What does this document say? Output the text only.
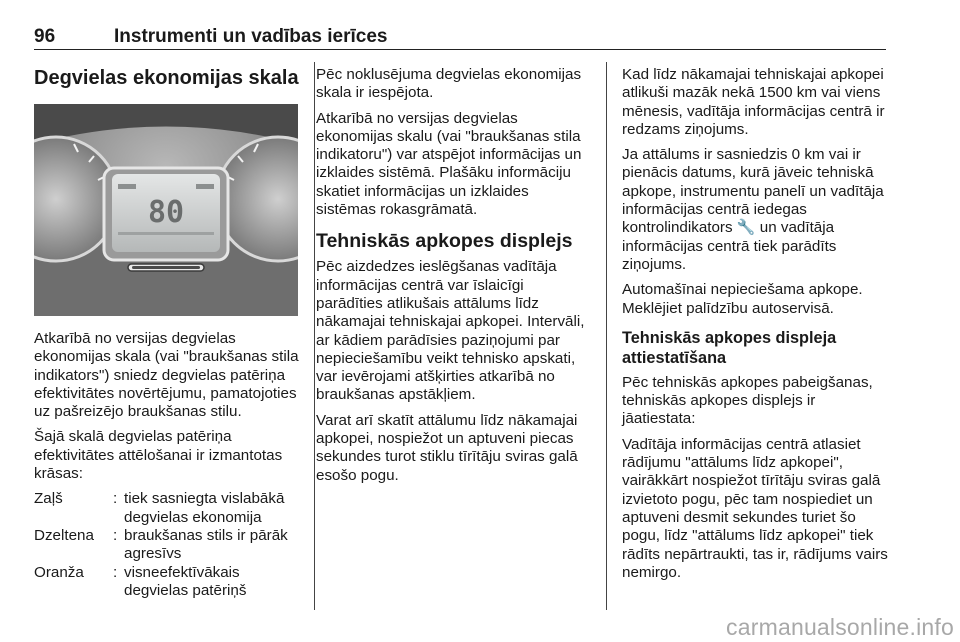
96	Instrumenti un vadības ierīces
Degvielas ekonomijas skala
80

Atkarībā no versijas degvielas ekonomijas skala (vai "braukšanas stila indikators") sniedz degvielas patēriņa efektivitātes novērtējumu, pamatojoties uz pašreizējo braukšanas stilu.

Šajā skalā degvielas patēriņa efektivitātes attēlošanai ir izmantotas krāsas:

Zaļš	: tiek sasniegta vislabākā degvielas ekonomija
Dzeltena	: braukšanas stils ir pārāk agresīvs
Oranža	: visneefektīvākais degvielas patēriņš

Pēc noklusējuma degvielas ekonomijas skala ir iespējota.

Atkarībā no versijas degvielas ekonomijas skalu (vai "braukšanas stila indikatoru") var atspējot informācijas un izklaides sistēmā. Plašāku informāciju skatiet informācijas un izklaides sistēmas rokasgrāmatā.

Tehniskās apkopes displejs

Pēc aizdedzes ieslēgšanas vadītāja informācijas centrā var īslaicīgi parādīties atlikušais attālums līdz nākamajai tehniskajai apkopei. Intervāli, ar kādiem parādīsies paziņojumi par nepieciešamību veikt tehnisko apskati, var ievērojami atšķirties atkarībā no braukšanas apstākļiem.

Varat arī skatīt attālumu līdz nākamajai apkopei, nospiežot un aptuveni piecas sekundes turot stiklu tīrītāju sviras galā esošo pogu.

Kad līdz nākamajai tehniskajai apkopei atlikuši mazāk nekā 1500 km vai viens mēnesis, vadītāja informācijas centrā ir redzams ziņojums.

Ja attālums ir sasniedzis 0 km vai ir pienācis datums, kurā jāveic tehniskā apkope, instrumentu panelī un vadītāja informācijas centrā iedegas kontrolindikators 🔧 un vadītāja informācijas centrā tiek parādīts ziņojums.

Automašīnai nepieciešama apkope. Meklējiet palīdzību autoservisā.

Tehniskās apkopes displeja attiestatīšana

Pēc tehniskās apkopes pabeigšanas, tehniskās apkopes displejs ir jāatiestata:

Vadītāja informācijas centrā atlasiet rādījumu "attālums līdz apkopei", vairākkārt nospiežot tīrītāju sviras galā izvietoto pogu, pēc tam nospiediet un aptuveni desmit sekundes turiet šo pogu, līdz "attālums līdz apkopei" tiek rādīts nepārtraukti, tas ir, rādījums vairs nemirgo.

carmanualsonline.info
